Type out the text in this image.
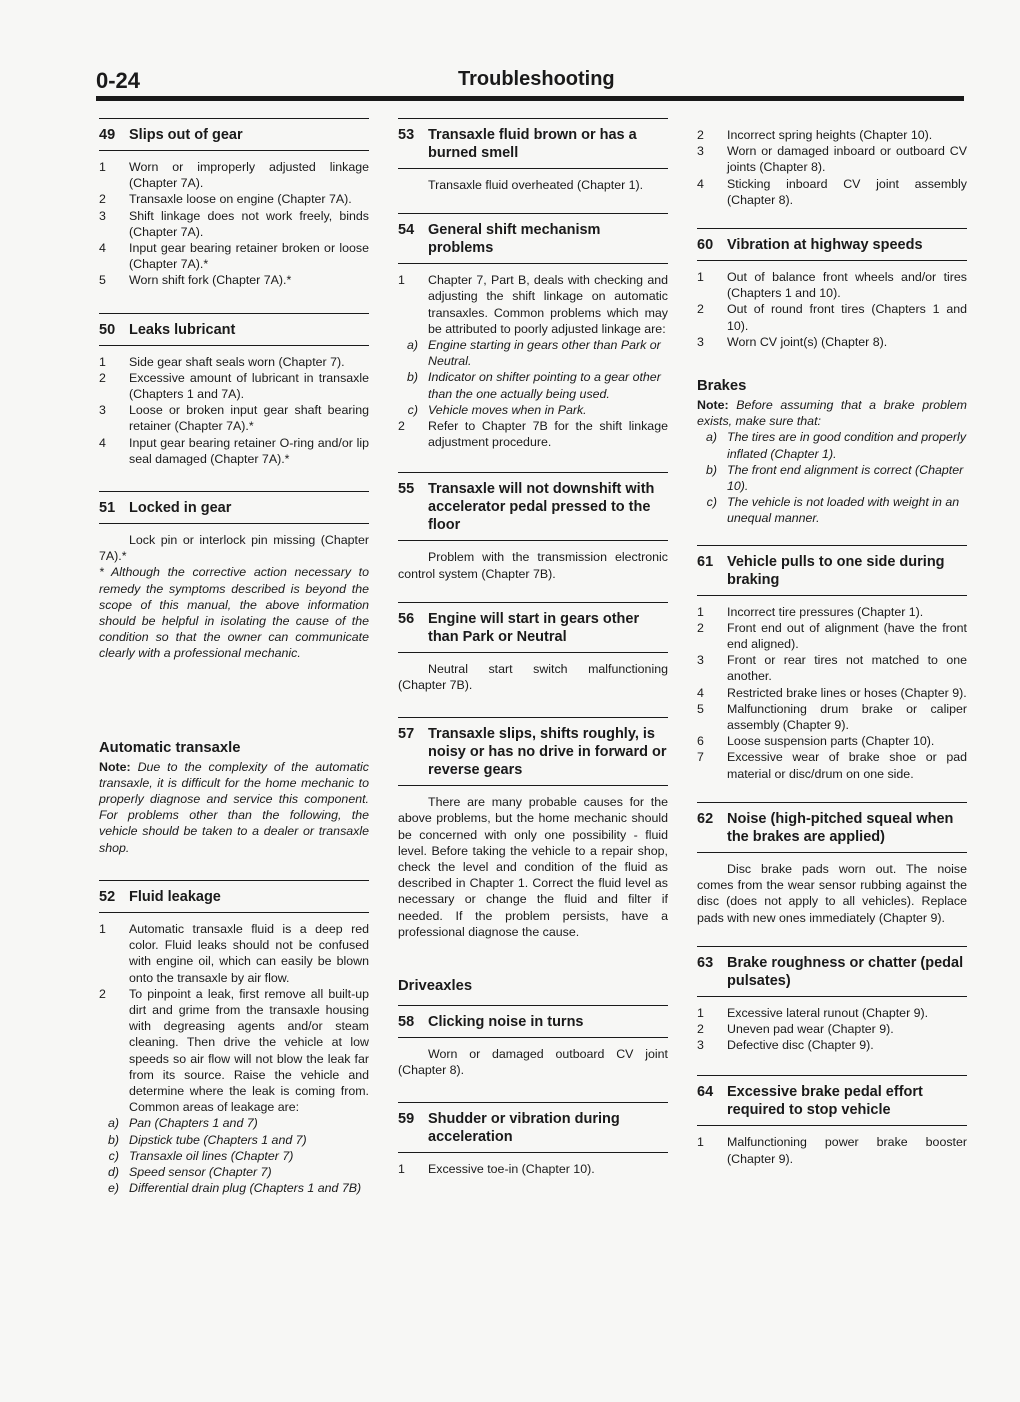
0-24	Troubleshooting
49 Slips out of gear
1	Worn or improperly adjusted linkage (Chapter 7A).
2	Transaxle loose on engine (Chapter 7A).
3	Shift linkage does not work freely, binds (Chapter 7A).
4	Input gear bearing retainer broken or loose (Chapter 7A).*
5	Worn shift fork (Chapter 7A).*
50 Leaks lubricant
1	Side gear shaft seals worn (Chapter 7).
2	Excessive amount of lubricant in transaxle (Chapters 1 and 7A).
3	Loose or broken input gear shaft bearing retainer (Chapter 7A).*
4	Input gear bearing retainer O-ring and/or lip seal damaged (Chapter 7A).*
51 Locked in gear

Lock pin or interlock pin missing (Chapter 7A).*

* Although the corrective action necessary to remedy the symptoms described is beyond the scope of this manual, the above information should be helpful in isolating the cause of the condition so that the owner can communicate clearly with a professional mechanic.

Automatic transaxle

Note: Due to the complexity of the automatic transaxle, it is difficult for the home mechanic to properly diagnose and service this component. For problems other than the following, the vehicle should be taken to a dealer or transaxle shop.

52 Fluid leakage
1	Automatic transaxle fluid is a deep red color. Fluid leaks should not be confused with engine oil, which can easily be blown onto the transaxle by air flow.
2	To pinpoint a leak, first remove all built-up dirt and grime from the transaxle housing with degreasing agents and/or steam cleaning. Then drive the vehicle at low speeds so air flow will not blow the leak far from its source. Raise the vehicle and determine where the leak is coming from. Common areas of leakage are:
a) Pan (Chapters 1 and 7)
b) Dipstick tube (Chapters 1 and 7)
c) Transaxle oil lines (Chapter 7)
d) Speed sensor (Chapter 7)
e) Differential drain plug (Chapters 1 and 7B)
53 Transaxle fluid brown or has a burned smell

Transaxle fluid overheated (Chapter 1).

54 General shift mechanism problems
1	Chapter 7, Part B, deals with checking and adjusting the shift linkage on automatic transaxles. Common problems which may be attributed to poorly adjusted linkage are:
a) Engine starting in gears other than Park or Neutral.
b) Indicator on shifter pointing to a gear other than the one actually being used.
c) Vehicle moves when in Park.
2	Refer to Chapter 7B for the shift linkage adjustment procedure.
55 Transaxle will not downshift with accelerator pedal pressed to the floor

Problem with the transmission electronic control system (Chapter 7B).

56 Engine will start in gears other than Park or Neutral

Neutral start switch malfunctioning (Chapter 7B).

57 Transaxle slips, shifts roughly, is noisy or has no drive in forward or reverse gears

There are many probable causes for the above problems, but the home mechanic should be concerned with only one possibility - fluid level. Before taking the vehicle to a repair shop, check the level and condition of the fluid as described in Chapter 1. Correct the fluid level as necessary or change the fluid and filter if needed. If the problem persists, have a professional diagnose the cause.

Driveaxles
58 Clicking noise in turns

Worn or damaged outboard CV joint (Chapter 8).

59 Shudder or vibration during acceleration
1	Excessive toe-in (Chapter 10).
2	Incorrect spring heights (Chapter 10).
3	Worn or damaged inboard or outboard CV joints (Chapter 8).
4	Sticking inboard CV joint assembly (Chapter 8).
60 Vibration at highway speeds
1	Out of balance front wheels and/or tires (Chapters 1 and 10).
2	Out of round front tires (Chapters 1 and 10).
3	Worn CV joint(s) (Chapter 8).
Brakes

Note: Before assuming that a brake problem exists, make sure that:

a) The tires are in good condition and properly inflated (Chapter 1).
b) The front end alignment is correct (Chapter 10).
c) The vehicle is not loaded with weight in an unequal manner.
61 Vehicle pulls to one side during braking
1	Incorrect tire pressures (Chapter 1).
2	Front end out of alignment (have the front end aligned).
3	Front or rear tires not matched to one another.
4	Restricted brake lines or hoses (Chapter 9).
5	Malfunctioning drum brake or caliper assembly (Chapter 9).
6	Loose suspension parts (Chapter 10).
7	Excessive wear of brake shoe or pad material or disc/drum on one side.
62 Noise (high-pitched squeal when the brakes are applied)

Disc brake pads worn out. The noise comes from the wear sensor rubbing against the disc (does not apply to all vehicles). Replace pads with new ones immediately (Chapter 9).

63 Brake roughness or chatter (pedal pulsates)
1	Excessive lateral runout (Chapter 9).
2	Uneven pad wear (Chapter 9).
3	Defective disc (Chapter 9).
64 Excessive brake pedal effort required to stop vehicle
1	Malfunctioning power brake booster (Chapter 9).
